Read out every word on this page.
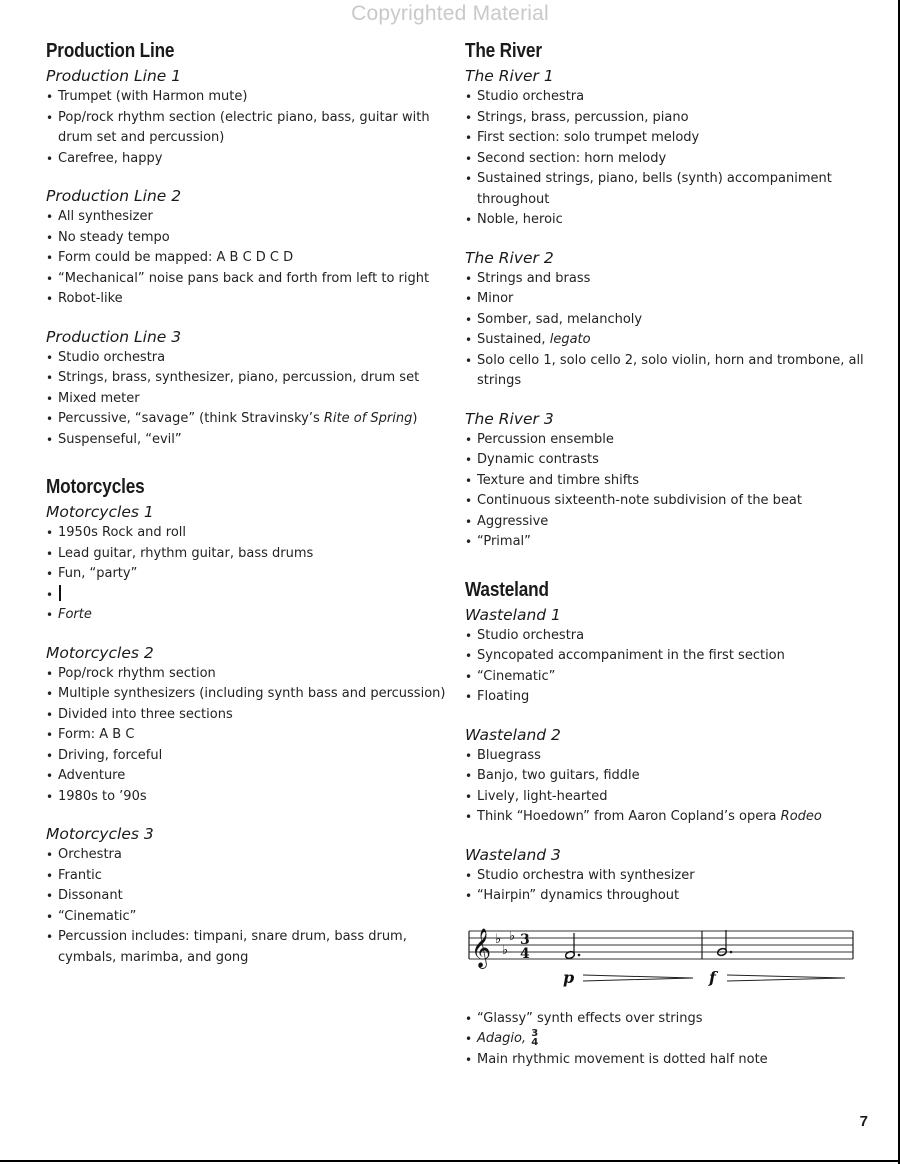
Copyrighted Material
Production Line
Production Line 1
• Trumpet (with Harmon mute)
• Pop/rock rhythm section (electric piano, bass, guitar with drum set and percussion)
• Carefree, happy
Production Line 2
• All synthesizer
• No steady tempo
• Form could be mapped: A B C D C D
• “Mechanical” noise pans back and forth from left to right
• Robot-like
Production Line 3
• Studio orchestra
• Strings, brass, synthesizer, piano, percussion, drum set
• Mixed meter
• Percussive, “savage” (think Stravinsky’s Rite of Spring)
• Suspenseful, “evil”
Motorcycles
Motorcycles 1
• 1950s Rock and roll
• Lead guitar, rhythm guitar, bass drums
• Fun, “party”
•
• Forte
Motorcycles 2
• Pop/rock rhythm section
• Multiple synthesizers (including synth bass and percussion)
• Divided into three sections
• Form: A B C
• Driving, forceful
• Adventure
• 1980s to ’90s
Motorcycles 3
• Orchestra
• Frantic
• Dissonant
• “Cinematic”
• Percussion includes: timpani, snare drum, bass drum, cymbals, marimba, and gong
The River
The River 1
• Studio orchestra
• Strings, brass, percussion, piano
• First section: solo trumpet melody
• Second section: horn melody
• Sustained strings, piano, bells (synth) accompaniment throughout
• Noble, heroic
The River 2
• Strings and brass
• Minor
• Somber, sad, melancholy
• Sustained, legato
• Solo cello 1, solo cello 2, solo violin, horn and trombone, all strings
The River 3
• Percussion ensemble
• Dynamic contrasts
• Texture and timbre shifts
• Continuous sixteenth-note subdivision of the beat
• Aggressive
• “Primal”
Wasteland
Wasteland 1
• Studio orchestra
• Syncopated accompaniment in the first section
• “Cinematic”
• Floating
Wasteland 2
• Bluegrass
• Banjo, two guitars, fiddle
• Lively, light-hearted
• Think “Hoedown” from Aaron Copland’s opera Rodeo
Wasteland 3
• Studio orchestra with synthesizer
• “Hairpin” dynamics throughout
𝄞 ♭
♭
♭ 3
4
p	f
• “Glassy” synth effects over strings
• Adagio, 3
4
• Main rhythmic movement is dotted half note
7
